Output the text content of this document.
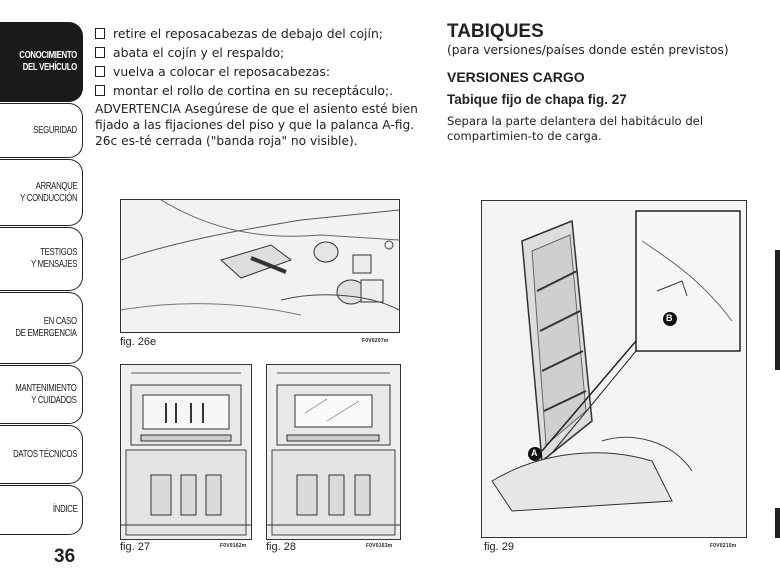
CONOCIMIENTO
DEL VEHÍCULO
SEGURIDAD
ARRANQUE
Y CONDUCCIÓN
TESTIGOS
Y MENSAJES
EN CASO
DE EMERGENCIA
MANTENIMIENTO
Y CUIDADOS
DATOS TÉCNICOS
ÍNDICE
36
retire el reposacabezas de debajo del cojín;
abata el cojín y el respaldo;
vuelva a colocar el reposacabezas:
montar el rollo de cortina en su receptáculo;.
ADVERTENCIA Asegúrese de que el asiento esté bien fijado a las fijaciones del piso y que la palanca A-fig. 26c es-té cerrada ("banda roja" no visible).
TABIQUES
(para versiones/países donde estén previstos)
VERSIONES CARGO
Tabique fijo de chapa fig. 27
Separa la parte delantera del habitáculo del compartimien-to de carga.
fig. 26e	F0V0207m
fig. 27	F0V0162m fig. 28	F0V0163m
A
B
fig. 29	F0V0210m
